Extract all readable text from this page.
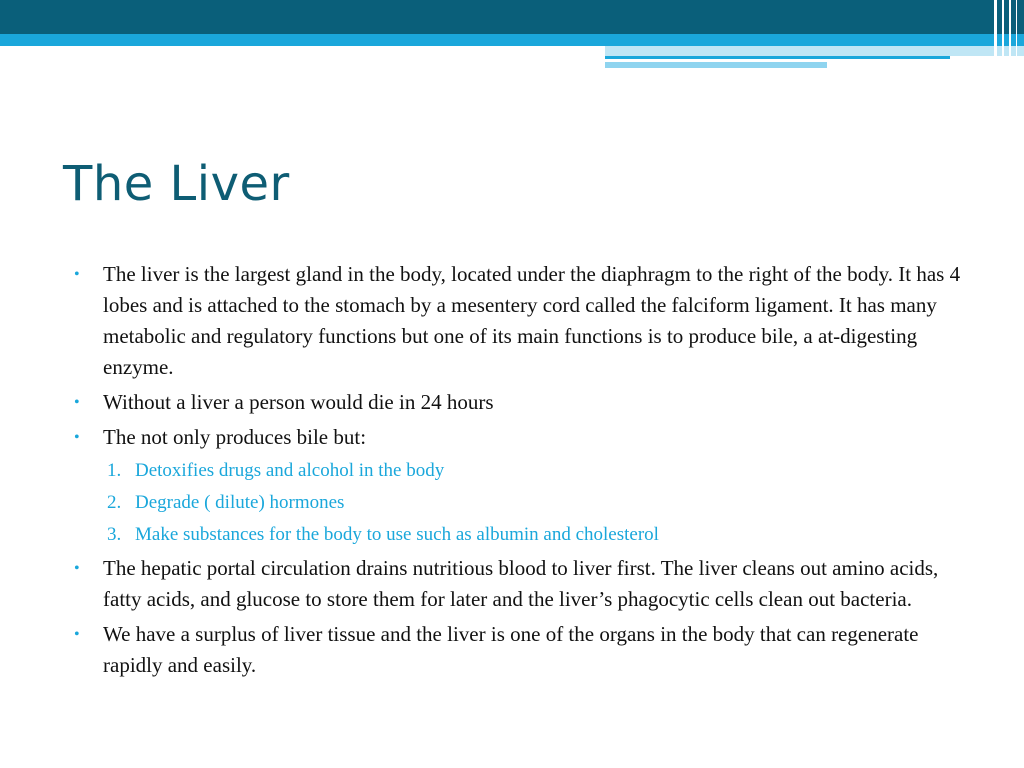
The Liver
• The liver is the largest gland in the body, located under the diaphragm to the right of the body. It has 4 lobes and is attached to the stomach by a mesentery cord called the falciform ligament. It has many metabolic and regulatory functions but one of its main functions is to produce bile, a at-digesting enzyme.
• Without a liver a person would die in 24 hours
• The not only produces bile but:
1. Detoxifies drugs and alcohol in the body
2. Degrade ( dilute) hormones
3. Make substances for the body to use such as albumin and cholesterol
• The hepatic portal circulation drains nutritious blood to liver first. The liver cleans out amino acids, fatty acids, and glucose to store them for later and the liver’s phagocytic cells clean out bacteria.
• We have a surplus of liver tissue and the liver is one of the organs in the body that can regenerate rapidly and easily.
